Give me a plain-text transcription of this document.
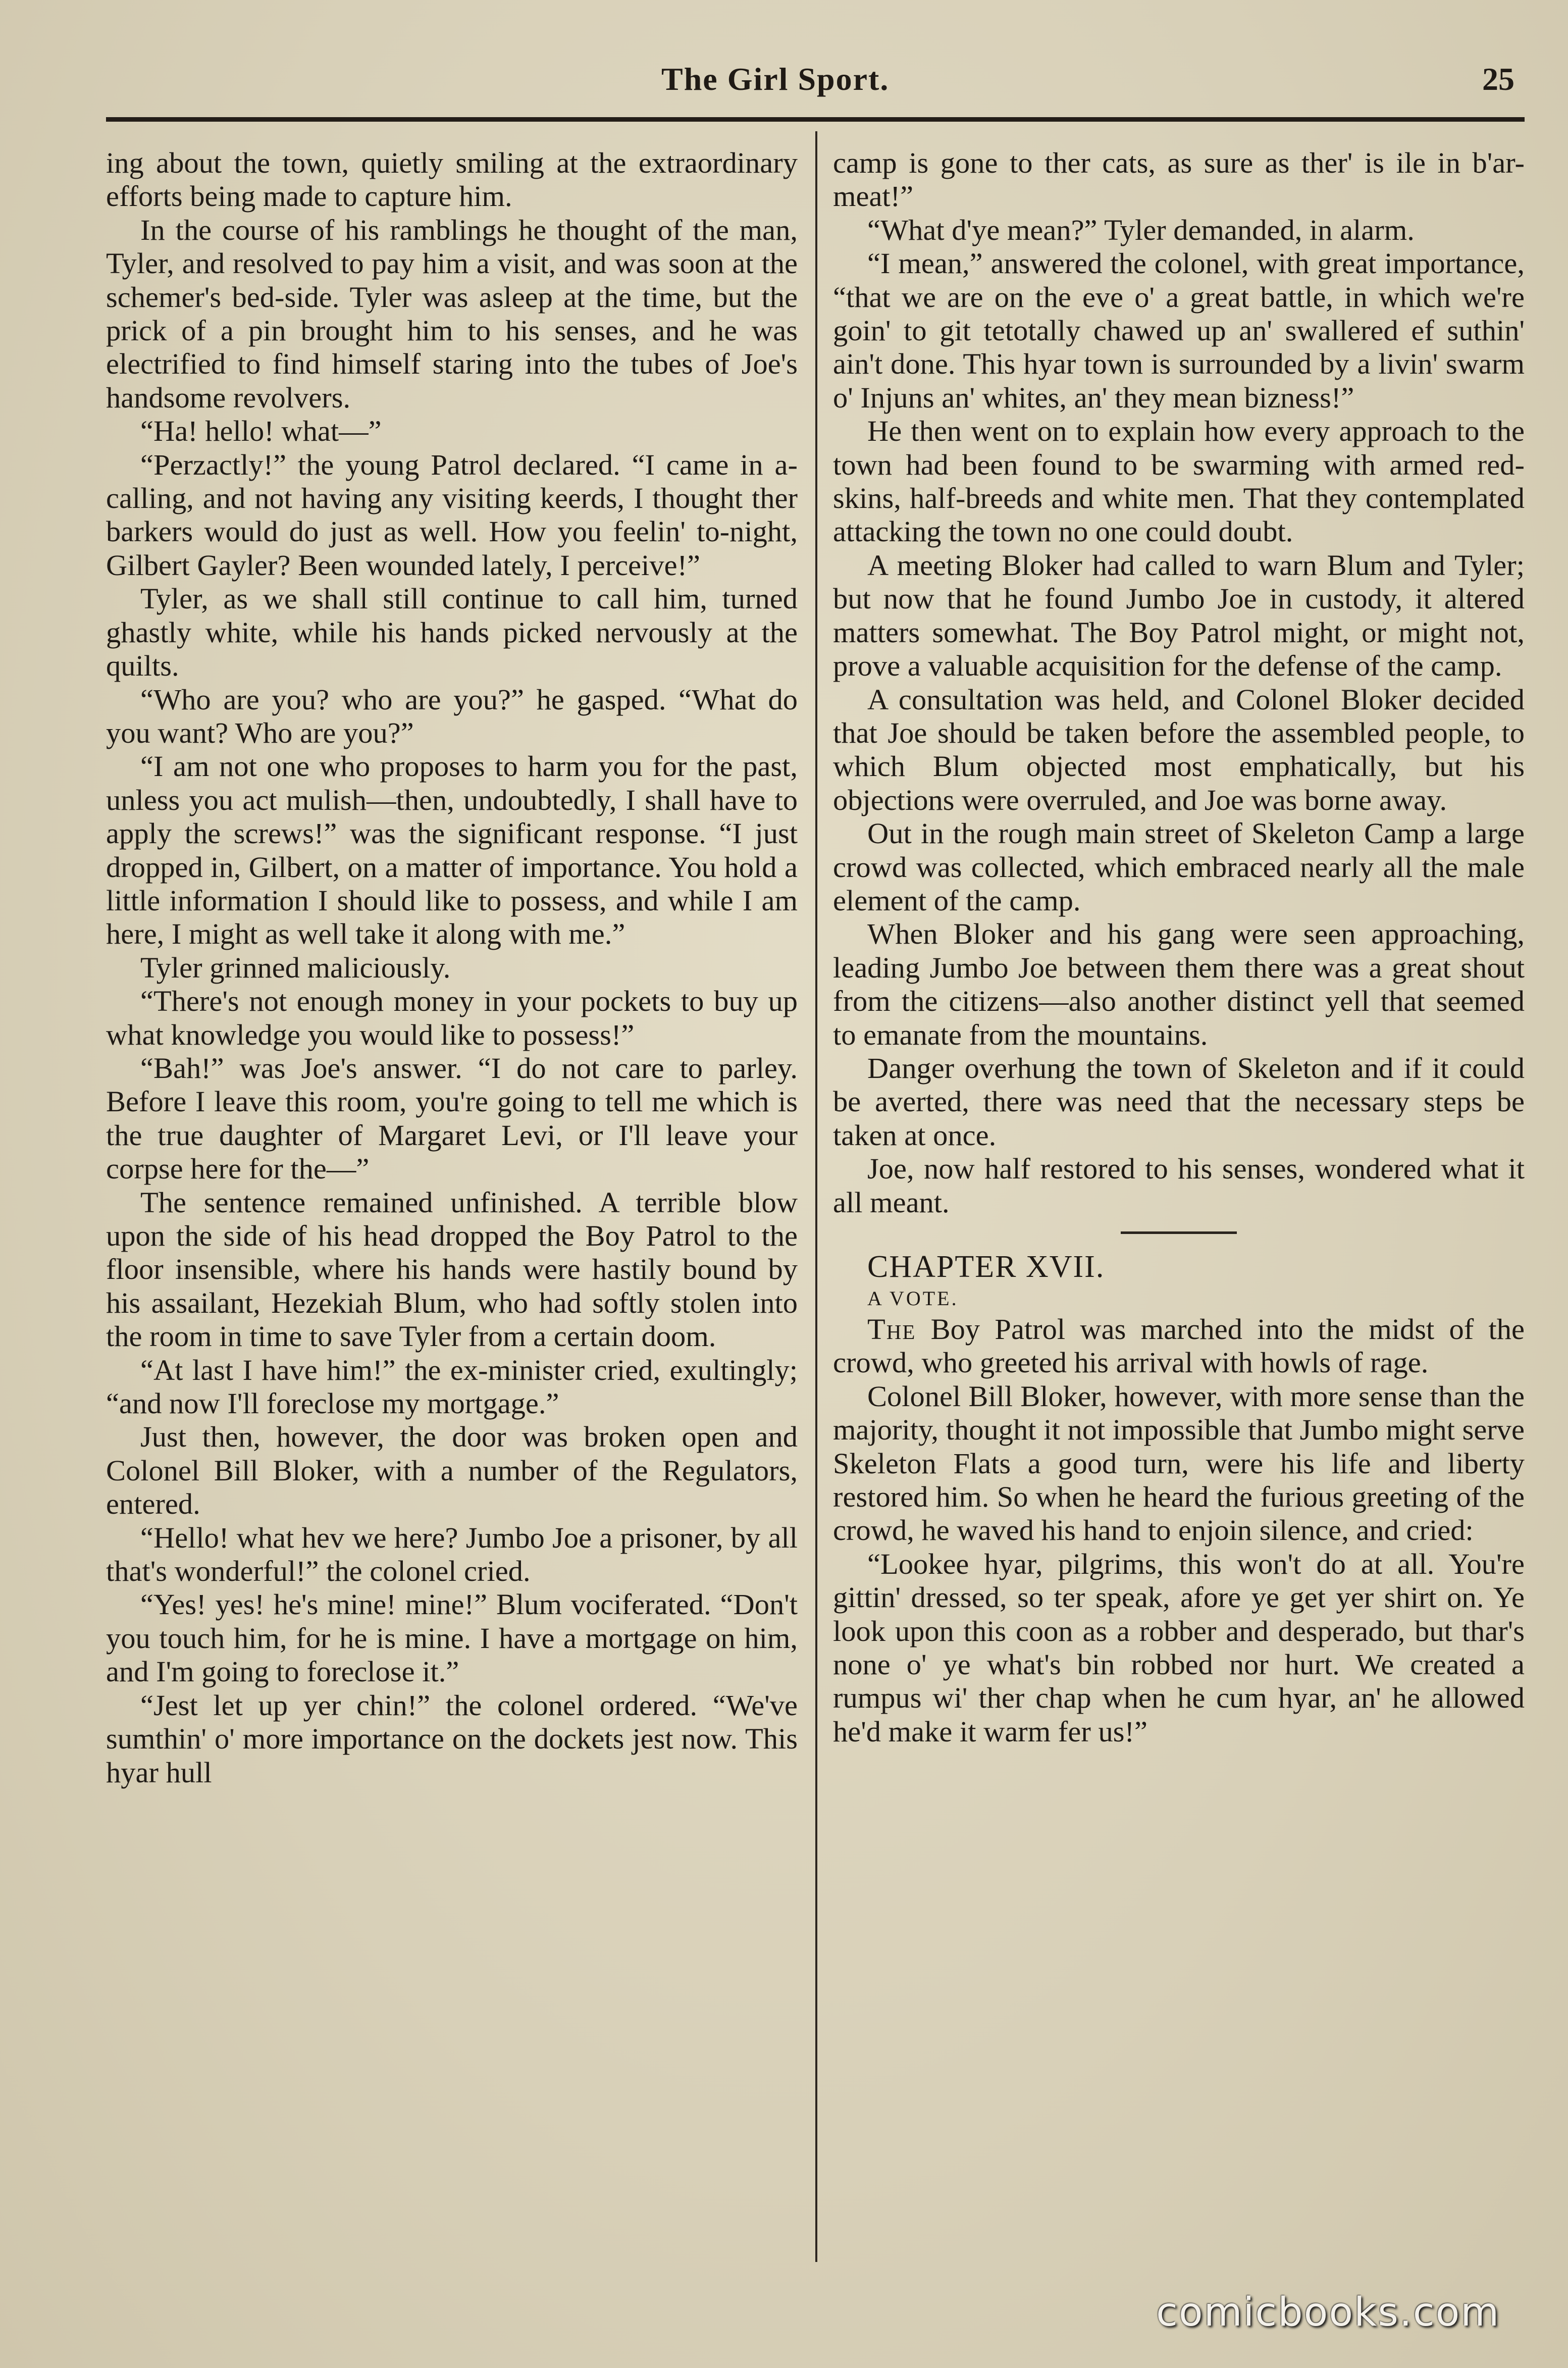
The Girl Sport.	25

ing about the town, quietly smiling at the extraordinary efforts being made to capture him.

In the course of his ramblings he thought of the man, Tyler, and resolved to pay him a visit, and was soon at the schemer's bed-side. Tyler was asleep at the time, but the prick of a pin brought him to his senses, and he was electrified to find himself staring into the tubes of Joe's handsome revolvers.

“Ha! hello! what—”

“Perzactly!” the young Patrol declared. “I came in a-calling, and not having any visiting keerds, I thought ther barkers would do just as well. How you feelin' to-night, Gilbert Gayler? Been wounded lately, I perceive!”

Tyler, as we shall still continue to call him, turned ghastly white, while his hands picked nervously at the quilts.

“Who are you? who are you?” he gasped. “What do you want? Who are you?”

“I am not one who proposes to harm you for the past, unless you act mulish—then, undoubtedly, I shall have to apply the screws!” was the significant response. “I just dropped in, Gilbert, on a matter of importance. You hold a little information I should like to possess, and while I am here, I might as well take it along with me.”

Tyler grinned maliciously.

“There's not enough money in your pockets to buy up what knowledge you would like to possess!”

“Bah!” was Joe's answer. “I do not care to parley. Before I leave this room, you're going to tell me which is the true daughter of Margaret Levi, or I'll leave your corpse here for the—”

The sentence remained unfinished. A terrible blow upon the side of his head dropped the Boy Patrol to the floor insensible, where his hands were hastily bound by his assailant, Hezekiah Blum, who had softly stolen into the room in time to save Tyler from a certain doom.

“At last I have him!” the ex-minister cried, exultingly; “and now I'll foreclose my mortgage.”

Just then, however, the door was broken open and Colonel Bill Bloker, with a number of the Regulators, entered.

“Hello! what hev we here? Jumbo Joe a prisoner, by all that's wonderful!” the colonel cried.

“Yes! yes! he's mine! mine!” Blum vociferated. “Don't you touch him, for he is mine. I have a mortgage on him, and I'm going to foreclose it.”

“Jest let up yer chin!” the colonel ordered. “We've sumthin' o' more importance on the dockets jest now. This hyar hull

camp is gone to ther cats, as sure as ther' is ile in b'ar-meat!”

“What d'ye mean?” Tyler demanded, in alarm.

“I mean,” answered the colonel, with great importance, “that we are on the eve o' a great battle, in which we're goin' to git tetotally chawed up an' swallered ef suthin' ain't done. This hyar town is surrounded by a livin' swarm o' Injuns an' whites, an' they mean bizness!”

He then went on to explain how every approach to the town had been found to be swarming with armed red-skins, half-breeds and white men. That they contemplated attacking the town no one could doubt.

A meeting Bloker had called to warn Blum and Tyler; but now that he found Jumbo Joe in custody, it altered matters somewhat. The Boy Patrol might, or might not, prove a valuable acquisition for the defense of the camp.

A consultation was held, and Colonel Bloker decided that Joe should be taken before the assembled people, to which Blum objected most emphatically, but his objections were overruled, and Joe was borne away.

Out in the rough main street of Skeleton Camp a large crowd was collected, which embraced nearly all the male element of the camp.

When Bloker and his gang were seen approaching, leading Jumbo Joe between them there was a great shout from the citizens—also another distinct yell that seemed to emanate from the mountains.

Danger overhung the town of Skeleton and if it could be averted, there was need that the necessary steps be taken at once.

Joe, now half restored to his senses, wondered what it all meant.

CHAPTER XVII.

A VOTE.

The Boy Patrol was marched into the midst of the crowd, who greeted his arrival with howls of rage.

Colonel Bill Bloker, however, with more sense than the majority, thought it not impossible that Jumbo might serve Skeleton Flats a good turn, were his life and liberty restored him. So when he heard the furious greeting of the crowd, he waved his hand to enjoin silence, and cried:

“Lookee hyar, pilgrims, this won't do at all. You're gittin' dressed, so ter speak, afore ye get yer shirt on. Ye look upon this coon as a robber and desperado, but thar's none o' ye what's bin robbed nor hurt. We created a rumpus wi' ther chap when he cum hyar, an' he allowed he'd make it warm fer us!”

comicbooks.com
